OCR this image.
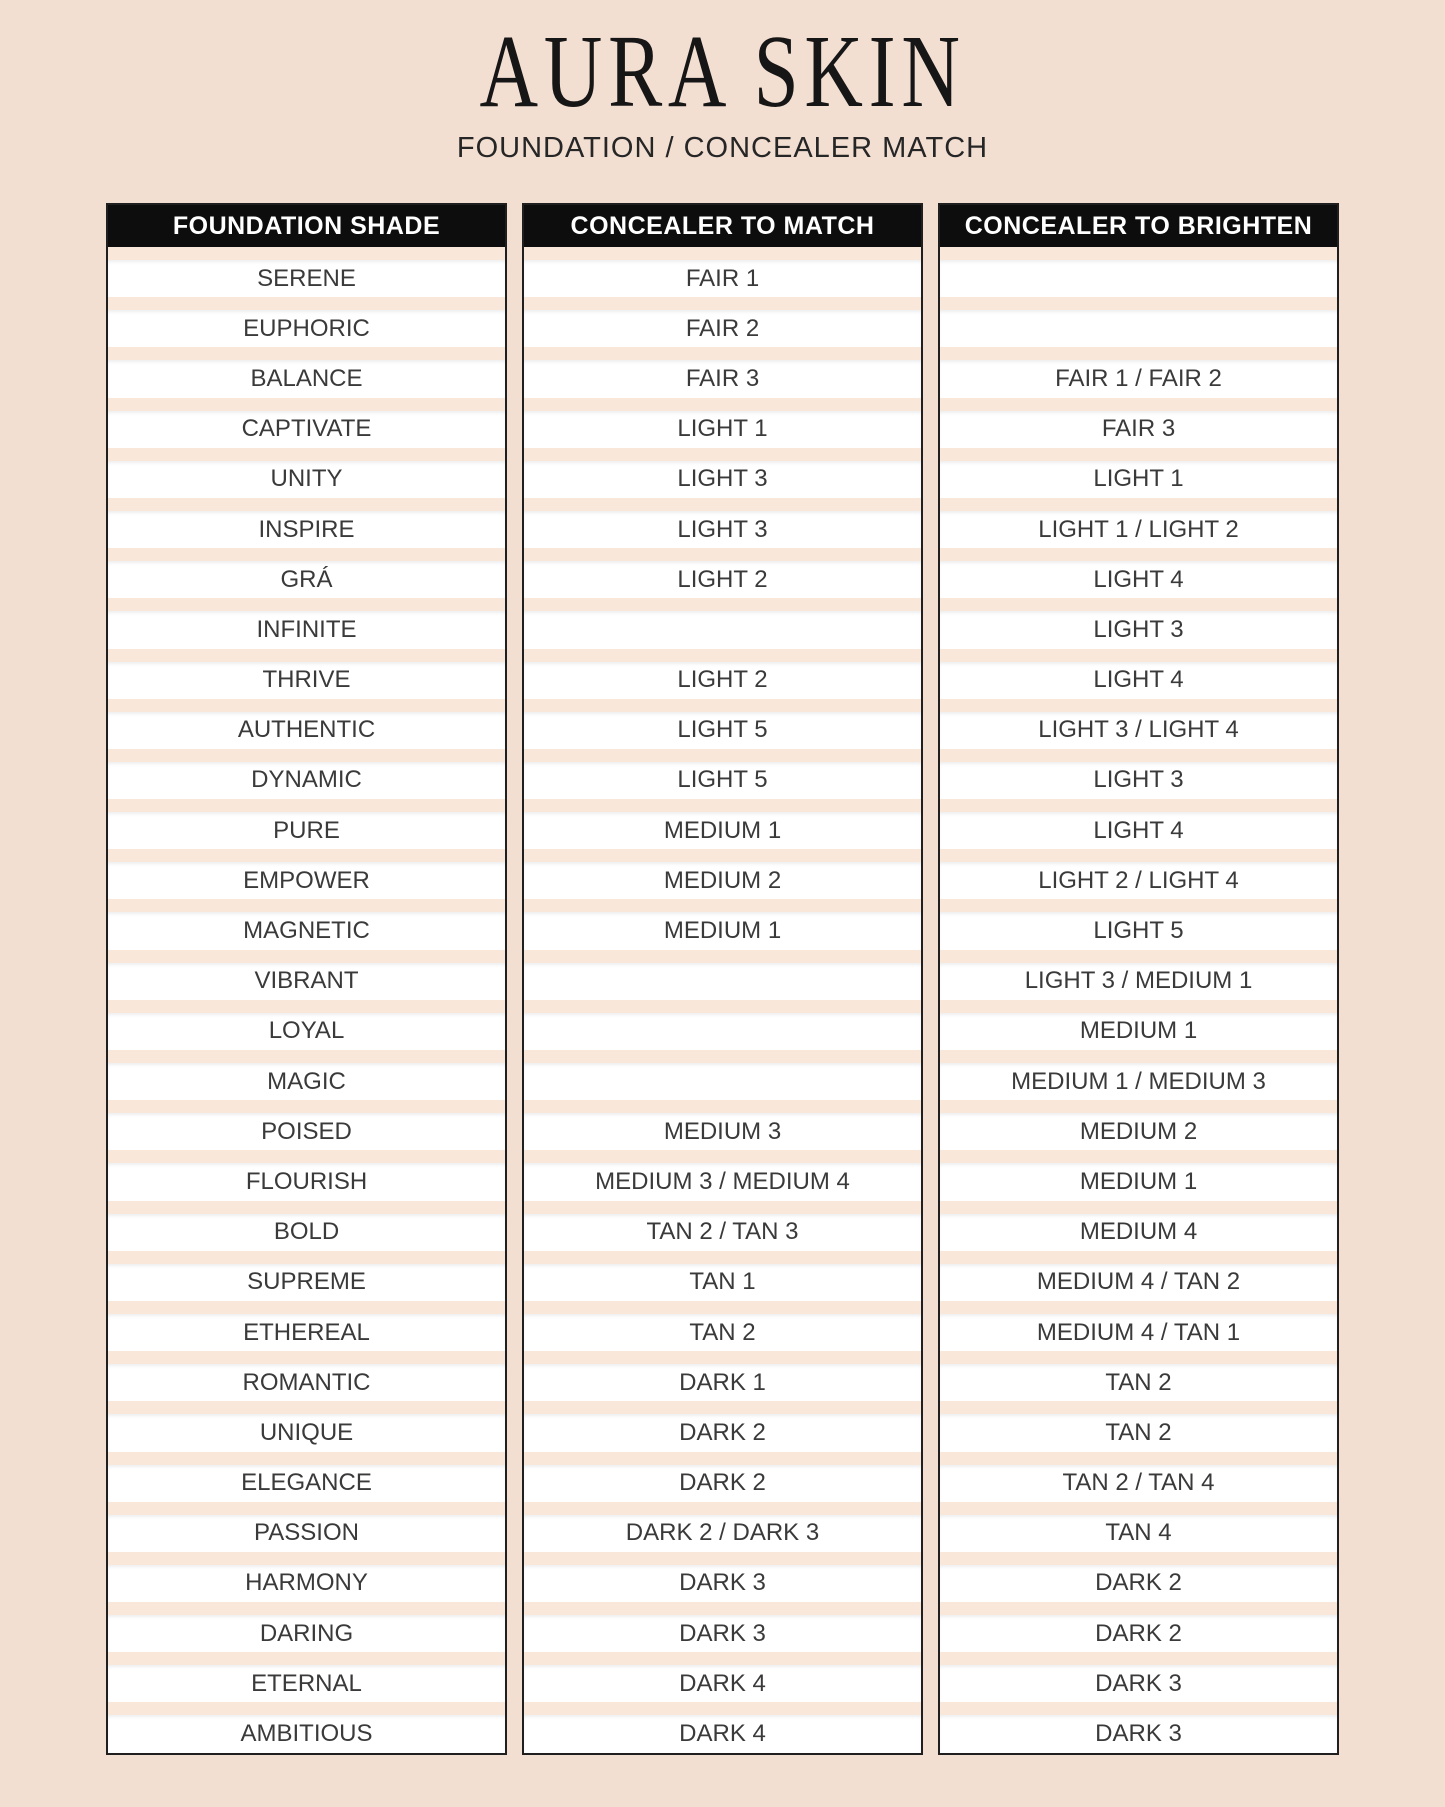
AURA SKIN
FOUNDATION / CONCEALER MATCH
FOUNDATION SHADE
SERENE
EUPHORIC
BALANCE
CAPTIVATE
UNITY
INSPIRE
GRÁ
INFINITE
THRIVE
AUTHENTIC
DYNAMIC
PURE
EMPOWER
MAGNETIC
VIBRANT
LOYAL
MAGIC
POISED
FLOURISH
BOLD
SUPREME
ETHEREAL
ROMANTIC
UNIQUE
ELEGANCE
PASSION
HARMONY
DARING
ETERNAL
AMBITIOUS
CONCEALER TO MATCH
FAIR 1
FAIR 2
FAIR 3
LIGHT 1
LIGHT 3
LIGHT 3
LIGHT 2
LIGHT 2
LIGHT 5
LIGHT 5
MEDIUM 1
MEDIUM 2
MEDIUM 1
MEDIUM 3
MEDIUM 3 / MEDIUM 4
TAN 2 / TAN 3
TAN 1
TAN 2
DARK 1
DARK 2
DARK 2
DARK 2 / DARK 3
DARK 3
DARK 3
DARK 4
DARK 4
CONCEALER TO BRIGHTEN
FAIR 1 / FAIR 2
FAIR 3
LIGHT 1
LIGHT 1 / LIGHT 2
LIGHT 4
LIGHT 3
LIGHT 4
LIGHT 3 / LIGHT 4
LIGHT 3
LIGHT 4
LIGHT 2 / LIGHT 4
LIGHT 5
LIGHT 3 / MEDIUM 1
MEDIUM 1
MEDIUM 1 / MEDIUM 3
MEDIUM 2
MEDIUM 1
MEDIUM 4
MEDIUM 4 / TAN 2
MEDIUM 4 / TAN 1
TAN 2
TAN 2
TAN 2 / TAN 4
TAN 4
DARK 2
DARK 2
DARK 3
DARK 3
